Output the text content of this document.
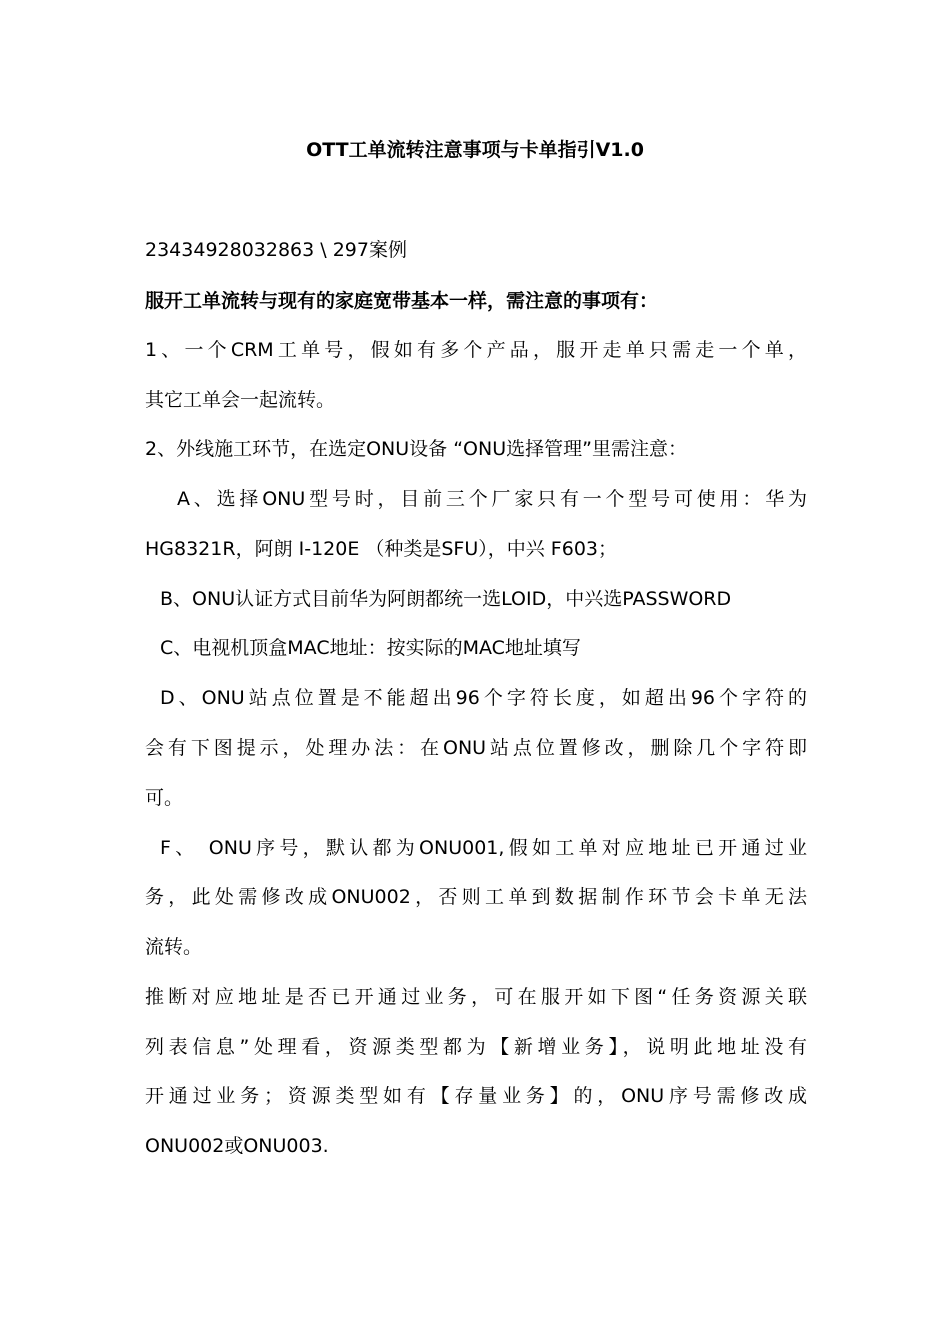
OTT工单流转注意事项与卡单指引V1.0
23434928032863 \ 297案例
服开工单流转与现有的家庭宽带基本一样，需注意的事项有：
1、一个CRM工单号，假如有多个产品，服开走单只需走一个单，
其它工单会一起流转。
2、外线施工环节，在选定ONU设备 “ONU选择管理”里需注意：
A、选择ONU型号时，目前三个厂家只有一个型号可使用：华为
HG8321R，阿朗 I-120E （种类是SFU），中兴 F603；
B、ONU认证方式目前华为阿朗都统一选LOID，中兴选PASSWORD
C、电视机顶盒MAC地址：按实际的MAC地址填写
D、ONU站点位置是不能超出96个字符长度，如超出96个字符的
会有下图提示，处理办法：在ONU站点位置修改，删除几个字符即
可。
F、 ONU序号，默认都为ONU001,假如工单对应地址已开通过业
务，此处需修改成ONU002，否则工单到数据制作环节会卡单无法
流转。
推断对应地址是否已开通过业务，可在服开如下图“任务资源关联
列表信息”处理看，资源类型都为【新增业务】，说明此地址没有
开通过业务；资源类型如有【存量业务】的，ONU序号需修改成
ONU002或ONU003.
